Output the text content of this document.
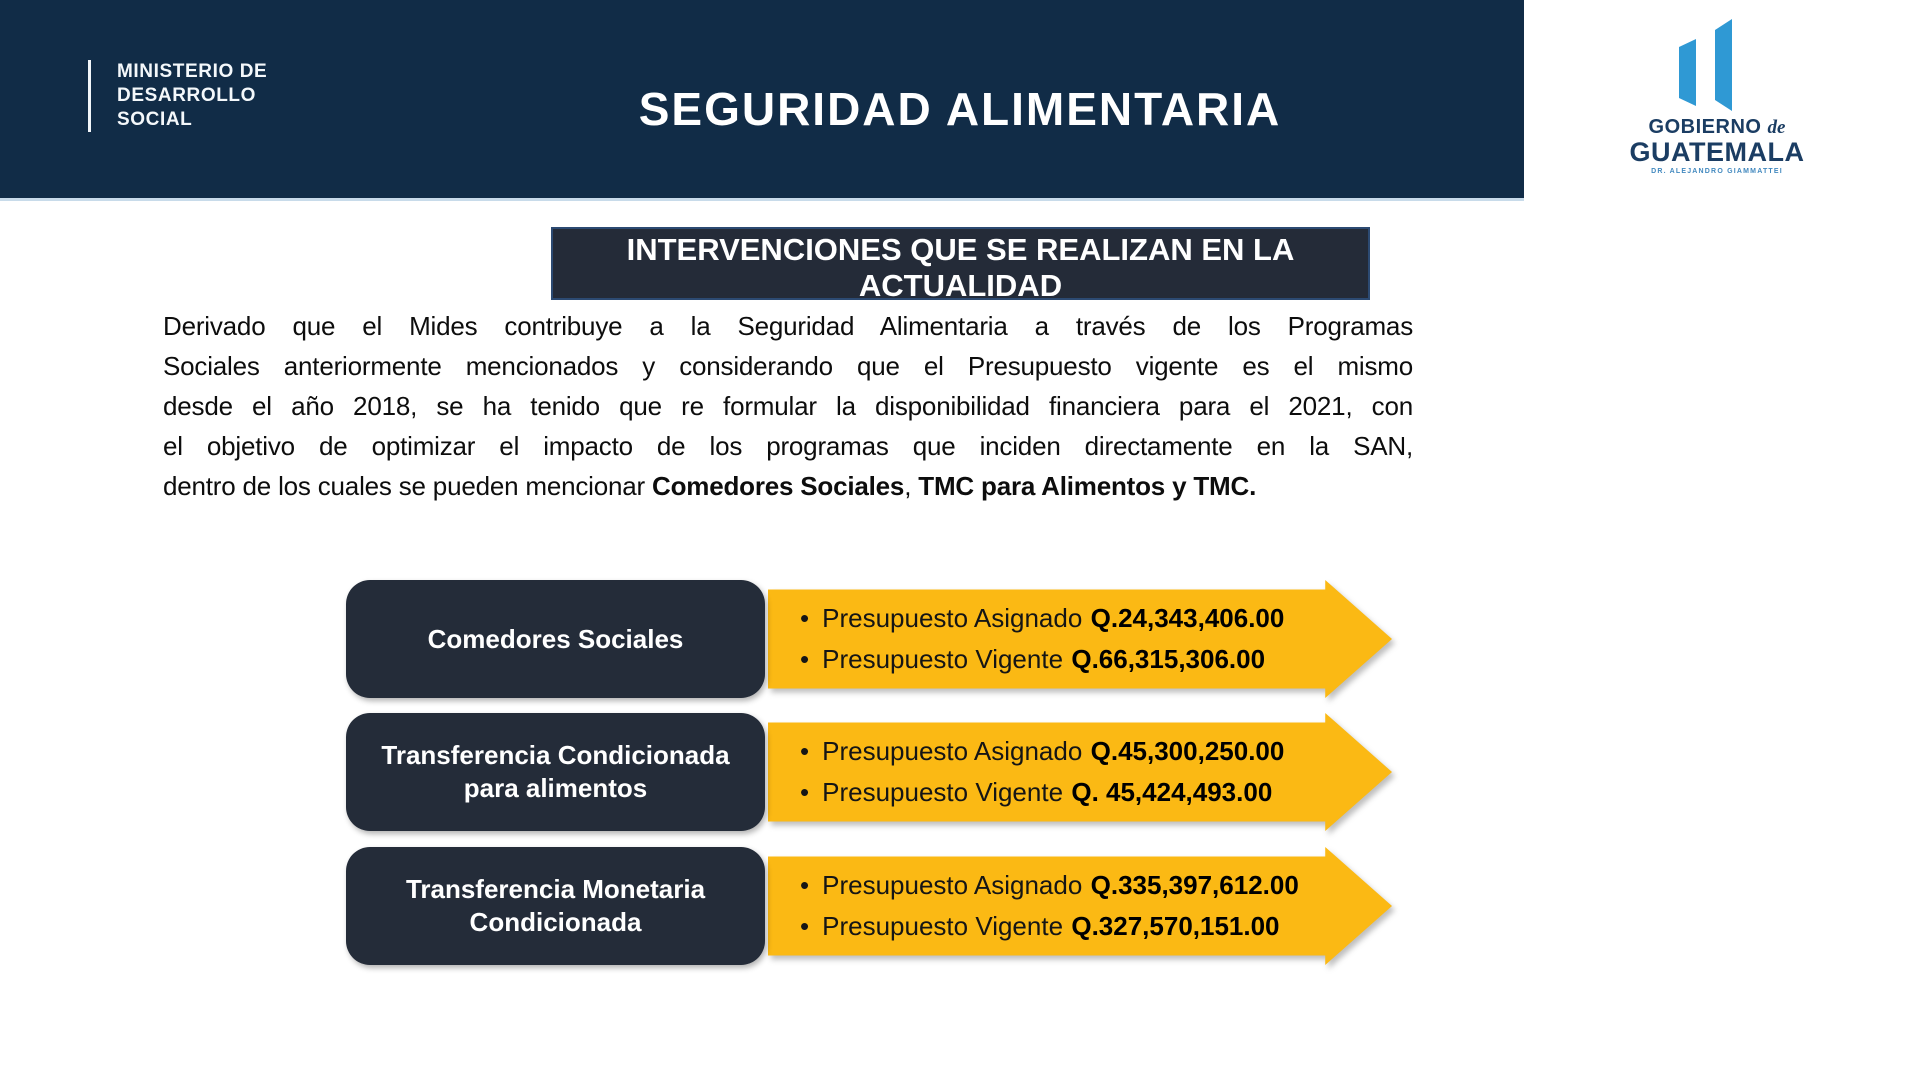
MINISTERIO DE
DESARROLLO
SOCIAL	SEGURIDAD ALIMENTARIA	GOBIERNO de
GUATEMALA
DR. ALEJANDRO GIAMMATTEI
INTERVENCIONES QUE SE REALIZAN EN LA
ACTUALIDAD
Derivado que el Mides contribuye a la Seguridad Alimentaria a través de los Programas
Sociales anteriormente mencionados y considerando que el Presupuesto vigente es el mismo
desde el año 2018, se ha tenido que re formular la disponibilidad financiera para el 2021, con
el objetivo de optimizar el impacto de los programas que inciden directamente en la SAN,
dentro de los cuales se pueden mencionar Comedores Sociales, TMC para Alimentos y TMC.
Comedores Sociales
• Presupuesto Asignado Q.24,343,406.00
• Presupuesto Vigente Q.66,315,306.00
Transferencia Condicionada para alimentos
• Presupuesto Asignado Q.45,300,250.00
• Presupuesto Vigente Q. 45,424,493.00
Transferencia Monetaria Condicionada
• Presupuesto Asignado Q.335,397,612.00
• Presupuesto Vigente Q.327,570,151.00
